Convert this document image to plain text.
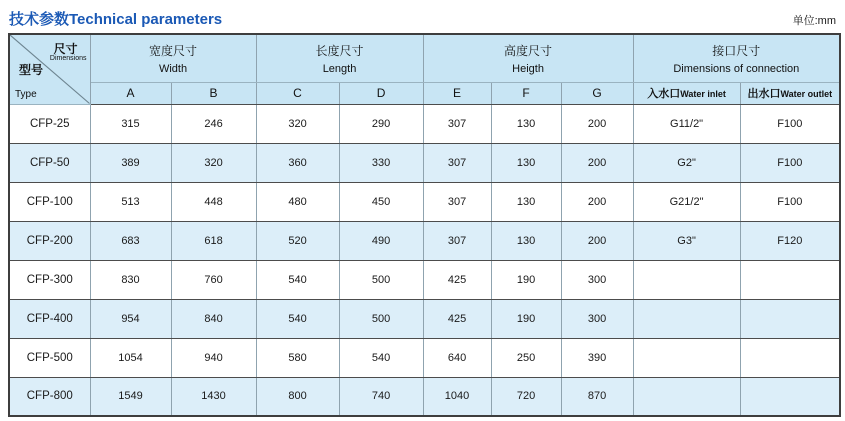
技术参数Technical parameters	单位:mm
尺寸
Dimensions
型号
Type

宽度尺寸
Width

长度尺寸
Length

高度尺寸
Heigth

接口尺寸
Dimensions of connection

	A	B	C	D	E	F	G	入水口Water inlet	出水口Water outlet
CFP-25	315	246	320	290	307	130	200	G11/2"	F100
CFP-50	389	320	360	330	307	130	200	G2"	F100
CFP-100	513	448	480	450	307	130	200	G21/2"	F100
CFP-200	683	618	520	490	307	130	200	G3"	F120
CFP-300	830	760	540	500	425	190	300		
CFP-400	954	840	540	500	425	190	300		
CFP-500	1054	940	580	540	640	250	390		
CFP-800	1549	1430	800	740	1040	720	870		
